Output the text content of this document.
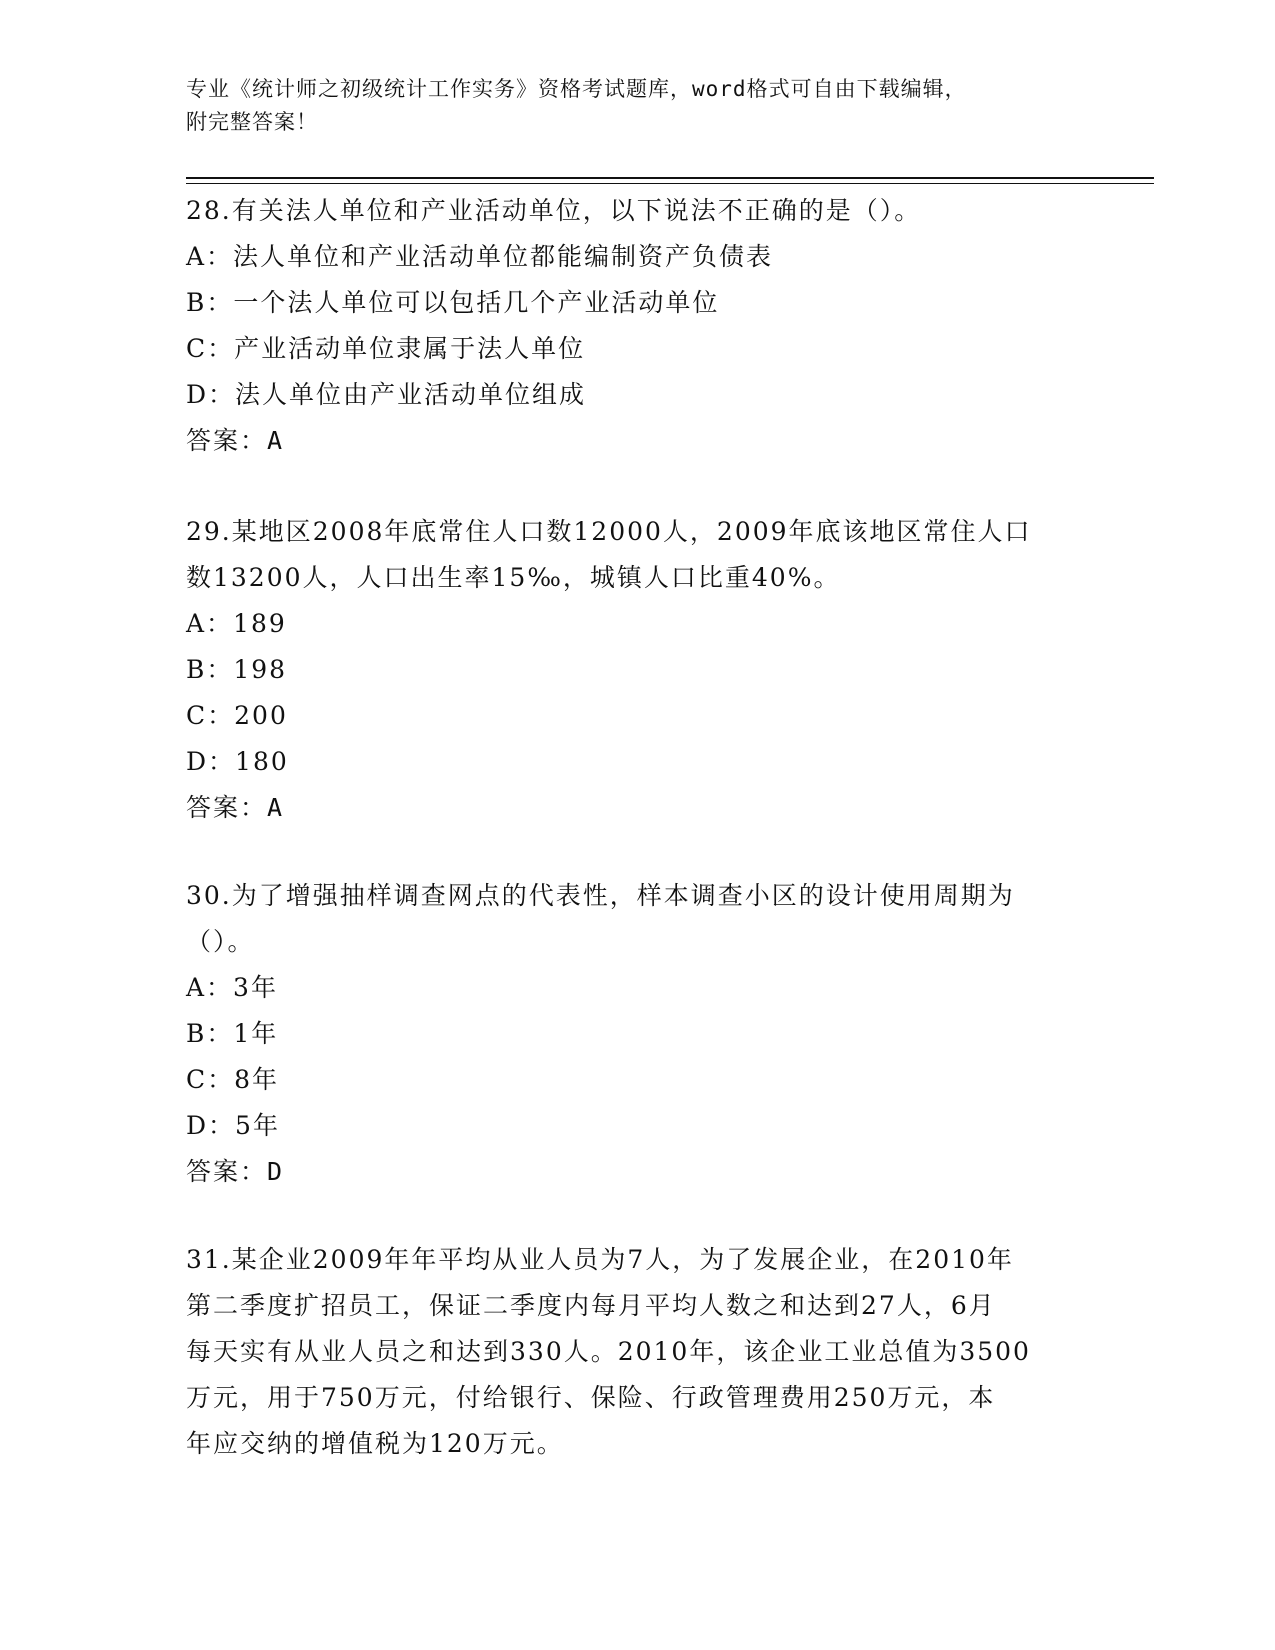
专业《统计师之初级统计工作实务》资格考试题库，word格式可自由下载编辑，
附完整答案！
28.有关法人单位和产业活动单位，以下说法不正确的是（）。
A：法人单位和产业活动单位都能编制资产负债表
B：一个法人单位可以包括几个产业活动单位
C：产业活动单位隶属于法人单位
D：法人单位由产业活动单位组成
答案：A
29.某地区2008年底常住人口数12000人，2009年底该地区常住人口
数13200人，人口出生率15‰，城镇人口比重40%。
A：189
B：198
C：200
D：180
答案：A
30.为了增强抽样调查网点的代表性，样本调查小区的设计使用周期为
（）。
A：3年
B：1年
C：8年
D：5年
答案：D
31.某企业2009年年平均从业人员为7人，为了发展企业，在2010年
第二季度扩招员工，保证二季度内每月平均人数之和达到27人，6月
每天实有从业人员之和达到330人。2010年，该企业工业总值为3500
万元，用于750万元，付给银行、保险、行政管理费用250万元，本
年应交纳的增值税为120万元。
